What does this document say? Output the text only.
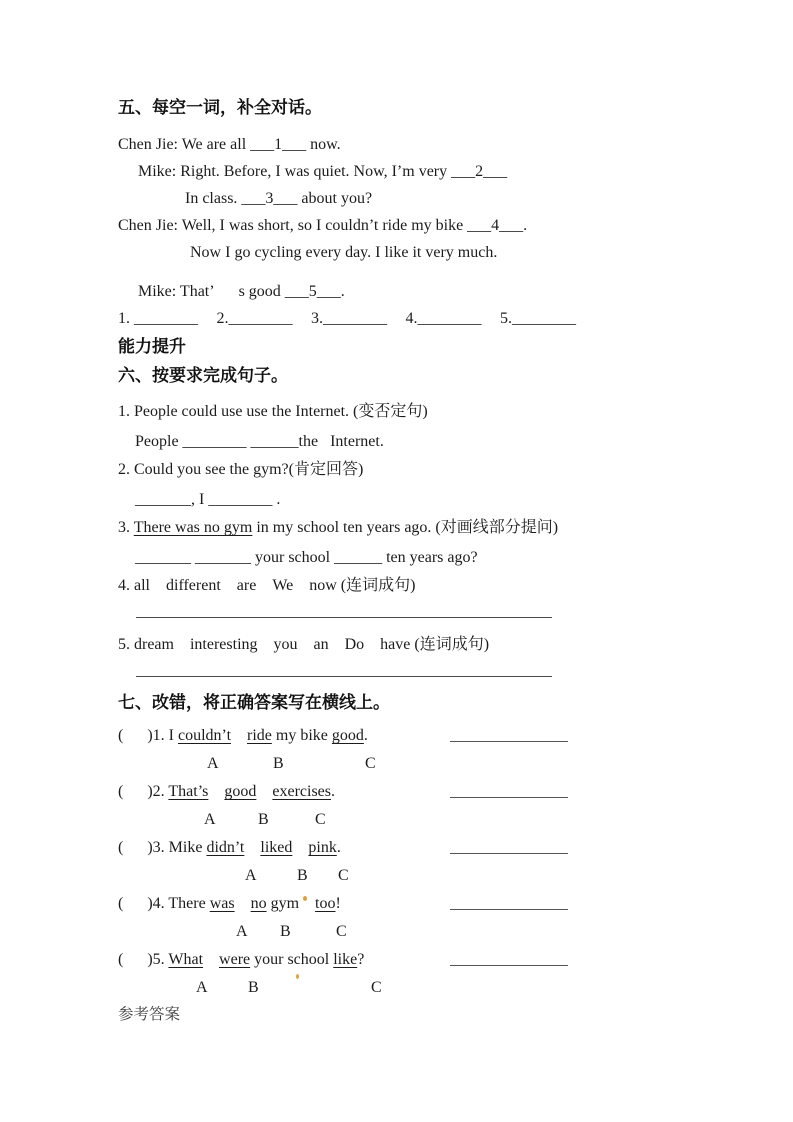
五、每空一词，补全对话。
Chen Jie: We are all ___1___ now.
Mike: Right. Before, I was quiet. Now, I’m very ___2___
In class. ___3___ about you?
Chen Jie: Well, I was short, so I couldn’t ride my bike ___4___.
Now I go cycling every day. I like it very much.
Mike: That’  s good ___5___.
1. ________ 2.________ 3.________ 4.________ 5.________
能力提升
六、按要求完成句子。
1. People could use use the Internet. (变否定句)
People ________ ______the  Internet.
2. Could you see the gym?(肯定回答)
_______, I ________ .
3. There was no gym in my school ten years ago. (对画线部分提问)
_______ _______ your school ______ ten years ago?
4. all　different　are　We　now (连词成句)
5. dream　interesting　you　an　Do　have (连词成句)
七、改错，将正确答案写在横线上。
(  )1. I couldn’t  ride my bike good.
A	B	C
(  )2. That’s  good  exercises.
A	B	C
(  )3. Mike didn’t  liked  pink.
A	B C
(  )4. There was  no gym  too!
A B	C
(  )5. What  were your school like?
A	B	C
参考答案
